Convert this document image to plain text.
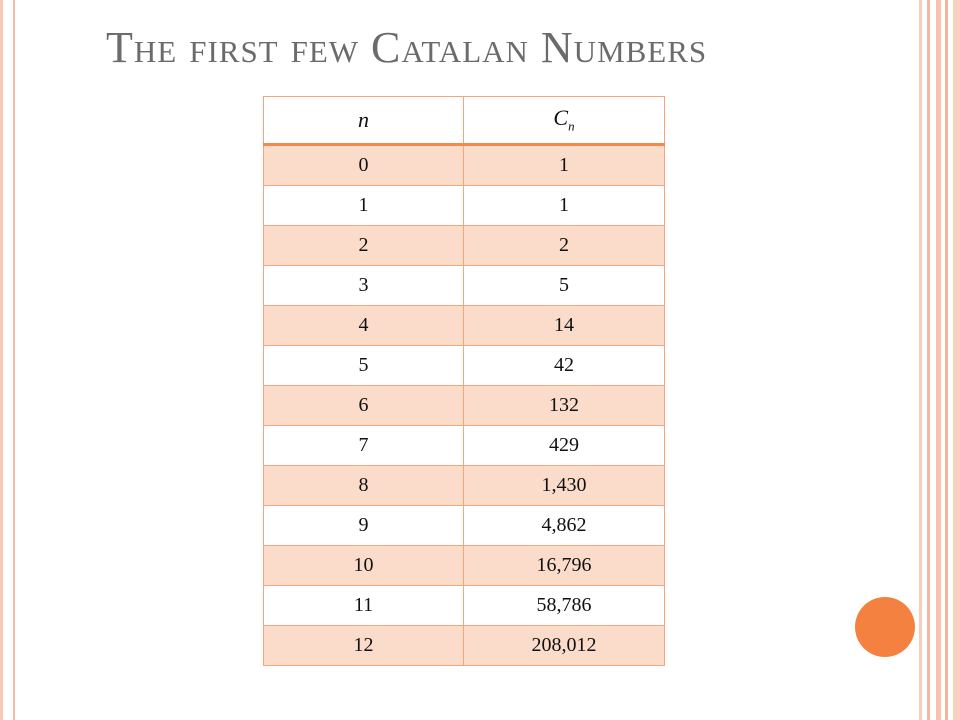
The first few Catalan Numbers
n	$C_n$
0	1
1	1
2	2
3	5
4	14
5	42
6	132
7	429
8	1,430
9	4,862
10	16,796
11	58,786
12	208,012
